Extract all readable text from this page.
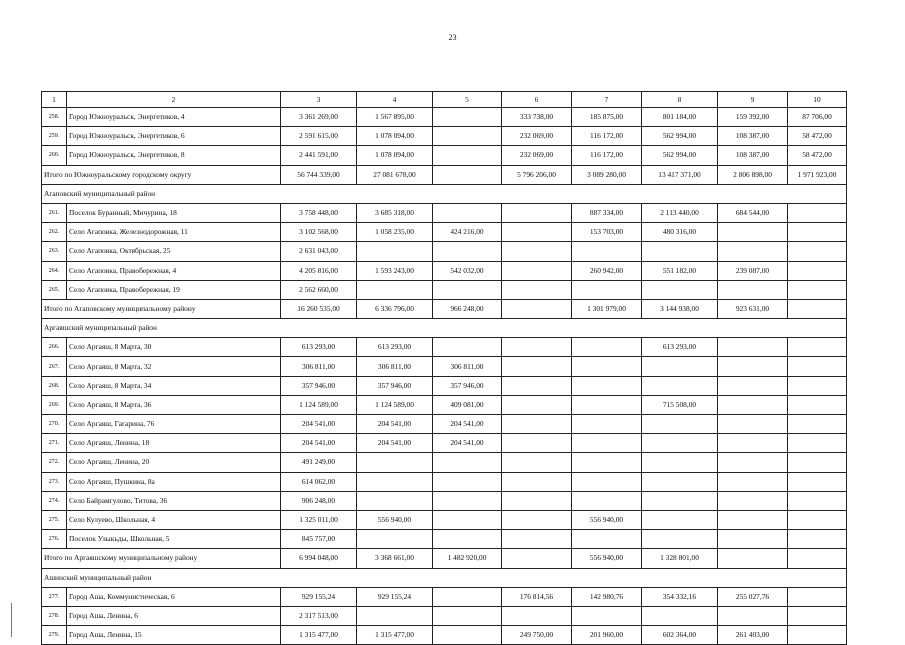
23
1	2	3	4	5	6	7	8	9	10
258.	Город Южноуральск, Энергетиков, 4	3 361 269,00	1 567 895,00		333 738,00	185 875,00	801 184,00	159 392,00	87 706,00
259.	Город Южноуральск, Энергетиков, 6	2 591 615,00	1 078 094,00		232 069,00	116 172,00	562 994,00	108 387,00	58 472,00
260.	Город Южноуральск, Энергетиков, 8	2 441 591,00	1 078 094,00		232 069,00	116 172,00	562 994,00	108 387,00	58 472,00
Итого по Южноуральскому городскому округу		56 744 339,00	27 081 678,00		5 796 206,00	3 089 280,00	13 417 371,00	2 806 898,00	1 971 923,00
Агаповский муниципальный район									
261.	Поселок Буранный, Мичурина, 18	3 758 448,00	3 685 318,00			887 334,00	2 113 440,00	684 544,00	
262.	Село Агаповка, Железнодорожная, 11	3 102 568,00	1 058 235,00	424 216,00		153 703,00	480 316,00		
263.	Село Агаповка, Октябрьская, 25	2 631 043,00							
264.	Село Агаповка, Правобережная, 4	4 205 816,00	1 593 243,00	542 032,00		260 942,00	551 182,00	239 087,00	
265.	Село Агаповка, Правобережная, 19	2 562 660,00							
Итого по Агаповскому муниципальному району		16 260 535,00	6 336 796,00	966 248,00		1 301 979,00	3 144 938,00	923 631,00	
Аргаяшский муниципальный район									
266.	Село Аргаяш, 8 Марта, 30	613 293,00	613 293,00				613 293,00		
267.	Село Аргаяш, 8 Марта, 32	306 811,00	306 811,00	306 811,00					
268.	Село Аргаяш, 8 Марта, 34	357 946,00	357 946,00	357 946,00					
269.	Село Аргаяш, 8 Марта, 36	1 124 589,00	1 124 589,00	409 081,00			715 508,00		
270.	Село Аргаяш, Гагарина, 76	204 541,00	204 541,00	204 541,00					
271.	Село Аргаяш, Ленина, 18	204 541,00	204 541,00	204 541,00					
272.	Село Аргаяш, Ленина, 20	491 249,00							
273.	Село Аргаяш, Пушкина, 8а	614 062,00							
274.	Село Байрамгулово, Титова, 36	906 248,00							
275.	Село Кулуево, Школьная, 4	1 325 011,00	556 940,00			556 940,00			
276.	Поселок Улыкьды, Школьная, 5	845 757,00							
Итого по Аргаяшскому муниципальному району		6 994 048,00	3 368 661,00	1 482 920,00		556 940,00	1 328 801,00		
Ашинский муниципальный район									
277.	Город Аша, Коммунистическая, 6	929 155,24	929 155,24		176 814,56	142 980,76	354 332,16	255 027,76	
278.	Город Аша, Ленина, 6	2 317 513,00							
279.	Город Аша, Ленина, 15	1 315 477,00	1 315 477,00		249 750,00	201 960,00	602 364,00	261 403,00	
